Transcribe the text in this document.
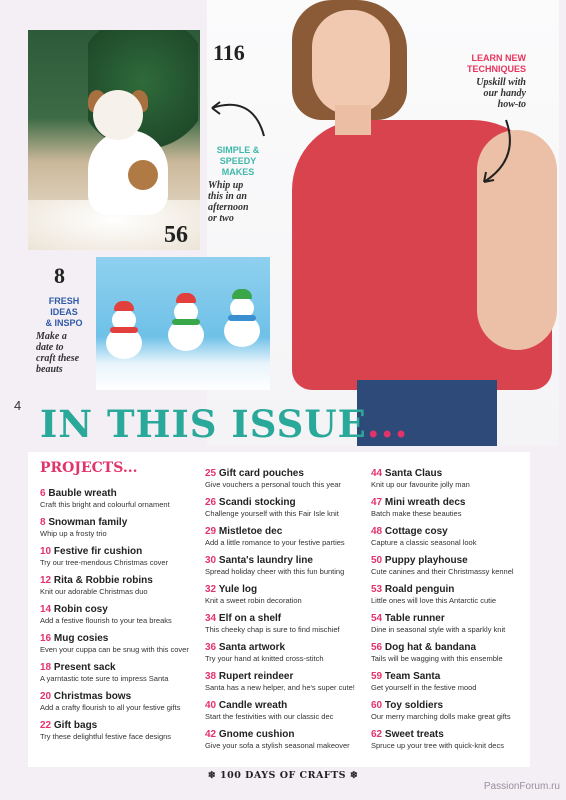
116
56
8
LEARN NEW
TECHNIQUES
Upskill with
our handy
how-to
SIMPLE &
SPEEDY
MAKES
Whip up
this in an
afternoon
or two
FRESH
IDEAS
& INSPO
Make a
date to
craft these
beauts
4 IN THIS ISSUE...
PROJECTS...
6 Bauble wreath
Craft this bright and colourful ornament
8 Snowman family
Whip up a frosty trio
10 Festive fir cushion
Try our tree-mendous Christmas cover
12 Rita & Robbie robins
Knit our adorable Christmas duo
14 Robin cosy
Add a festive flourish to your tea breaks
16 Mug cosies
Even your cuppa can be snug with this cover
18 Present sack
A yarntastic tote sure to impress Santa
20 Christmas bows
Add a crafty flourish to all your festive gifts
22 Gift bags
Try these delightful festive face designs
25 Gift card pouches
Give vouchers a personal touch this year
26 Scandi stocking
Challenge yourself with this Fair Isle knit
29 Mistletoe dec
Add a little romance to your festive parties
30 Santa's laundry line
Spread holiday cheer with this fun bunting
32 Yule log
Knit a sweet robin decoration
34 Elf on a shelf
This cheeky chap is sure to find mischief
36 Santa artwork
Try your hand at knitted cross-stitch
38 Rupert reindeer
Santa has a new helper, and he's super cute!
40 Candle wreath
Start the festivities with our classic dec
42 Gnome cushion
Give your sofa a stylish seasonal makeover
44 Santa Claus
Knit up our favourite jolly man
47 Mini wreath decs
Batch make these beauties
48 Cottage cosy
Capture a classic seasonal look
50 Puppy playhouse
Cute canines and their Christmassy kennel
53 Roald penguin
Little ones will love this Antarctic cutie
54 Table runner
Dine in seasonal style with a sparkly knit
56 Dog hat & bandana
Tails will be wagging with this ensemble
59 Team Santa
Get yourself in the festive mood
60 Toy soldiers
Our merry marching dolls make great gifts
62 Sweet treats
Spruce up your tree with quick-knit decs
❄ 100 DAYS OF CRAFTS ❄
PassionForum.ru
